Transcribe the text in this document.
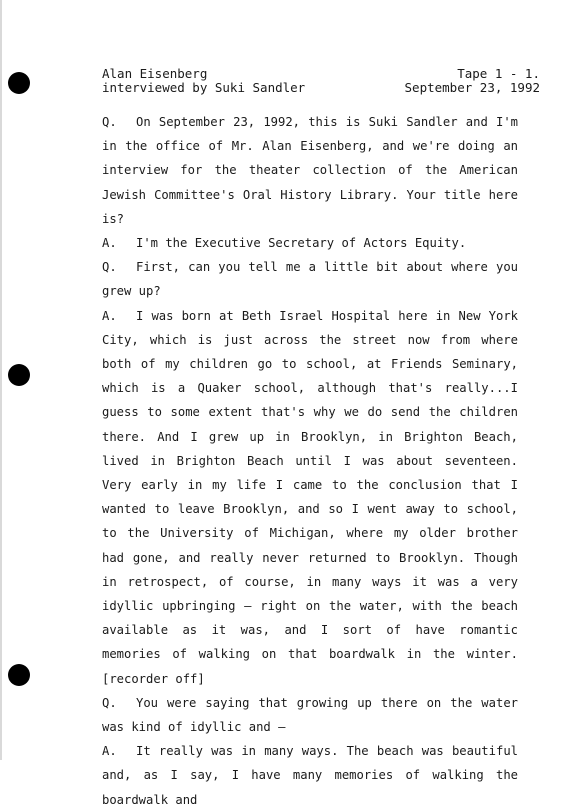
Alan Eisenberg
interviewed by Suki Sandler
Tape 1 - 1.
September 23, 1992

Q. On September 23, 1992, this is Suki Sandler and I'm in the office of Mr. Alan Eisenberg, and we're doing an interview for the theater collection of the American Jewish Committee's Oral History Library. Your title here is?

A. I'm the Executive Secretary of Actors Equity.

Q. First, can you tell me a little bit about where you grew up?

A. I was born at Beth Israel Hospital here in New York City, which is just across the street now from where both of my children go to school, at Friends Seminary, which is a Quaker school, although that's really...I guess to some extent that's why we do send the children there. And I grew up in Brooklyn, in Brighton Beach, lived in Brighton Beach until I was about seventeen. Very early in my life I came to the conclusion that I wanted to leave Brooklyn, and so I went away to school, to the University of Michigan, where my older brother had gone, and really never returned to Brooklyn. Though in retrospect, of course, in many ways it was a very idyllic upbringing — right on the water, with the beach available as it was, and I sort of have romantic memories of walking on that boardwalk in the winter. [recorder off]

Q. You were saying that growing up there on the water was kind of idyllic and —

A. It really was in many ways. The beach was beautiful and, as I say, I have many memories of walking the boardwalk and
